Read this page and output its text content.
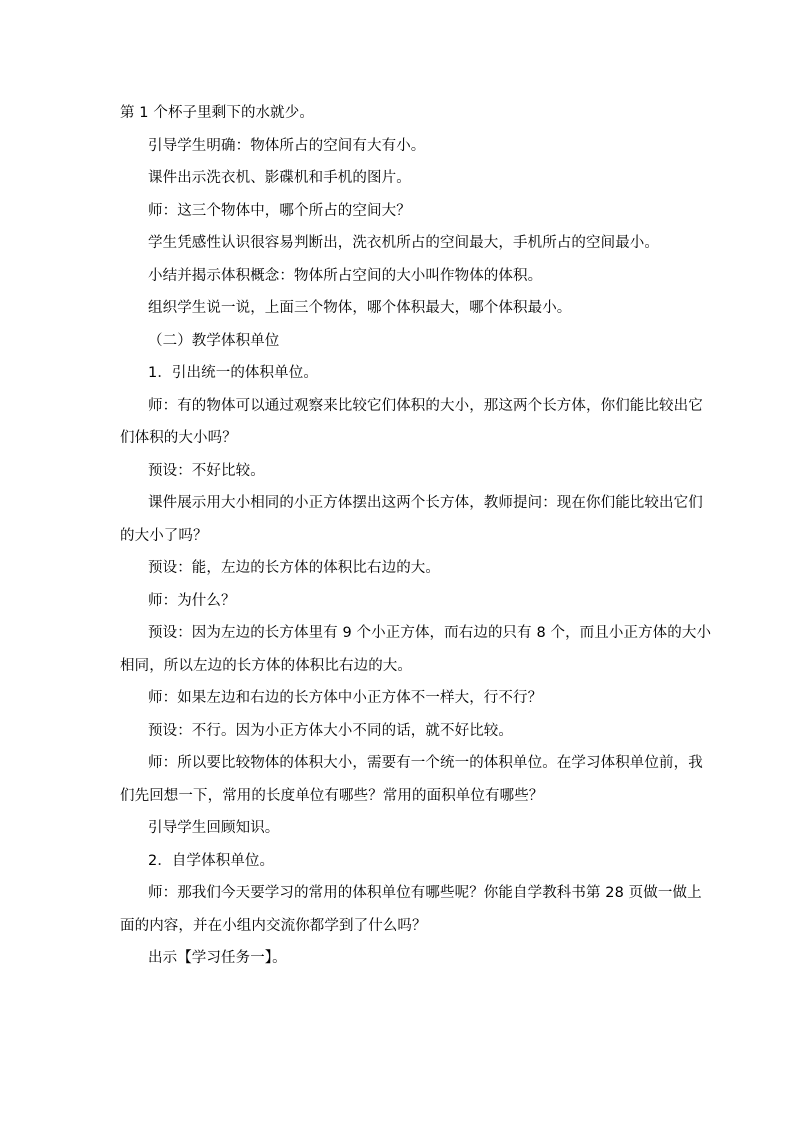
第 1 个杯子里剩下的水就少。

引导学生明确：物体所占的空间有大有小。

课件出示洗衣机、影碟机和手机的图片。

师：这三个物体中，哪个所占的空间大？

学生凭感性认识很容易判断出，洗衣机所占的空间最大，手机所占的空间最小。

小结并揭示体积概念：物体所占空间的大小叫作物体的体积。

组织学生说一说，上面三个物体，哪个体积最大，哪个体积最小。

（二）教学体积单位

1．引出统一的体积单位。

师：有的物体可以通过观察来比较它们体积的大小，那这两个长方体，你们能比较出它

们体积的大小吗？

预设：不好比较。

课件展示用大小相同的小正方体摆出这两个长方体，教师提问：现在你们能比较出它们

的大小了吗？

预设：能，左边的长方体的体积比右边的大。

师：为什么？

预设：因为左边的长方体里有 9 个小正方体，而右边的只有 8 个，而且小正方体的大小

相同，所以左边的长方体的体积比右边的大。

师：如果左边和右边的长方体中小正方体不一样大，行不行？

预设：不行。因为小正方体大小不同的话，就不好比较。

师：所以要比较物体的体积大小，需要有一个统一的体积单位。在学习体积单位前，我

们先回想一下，常用的长度单位有哪些？常用的面积单位有哪些？

引导学生回顾知识。

2．自学体积单位。

师：那我们今天要学习的常用的体积单位有哪些呢？你能自学教科书第 28 页做一做上

面的内容，并在小组内交流你都学到了什么吗？

出示【学习任务一】。
